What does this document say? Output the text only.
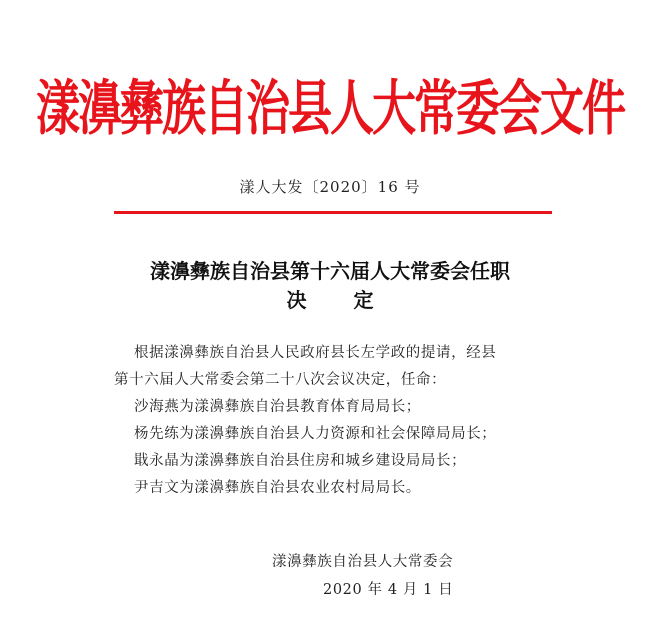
漾濞彝族自治县人大常委会文件
漾人大发〔2020〕16 号
漾濞彝族自治县第十六届人大常委会任职
决 定
根据漾濞彝族自治县人民政府县长左学政的提请，经县
第十六届人大常委会第二十八次会议决定，任命：
沙海燕为漾濞彝族自治县教育体育局局长；
杨先练为漾濞彝族自治县人力资源和社会保障局局长；
戢永晶为漾濞彝族自治县住房和城乡建设局局长；
尹吉文为漾濞彝族自治县农业农村局局长。
漾濞彝族自治县人大常委会
2020 年 4 月 1 日
